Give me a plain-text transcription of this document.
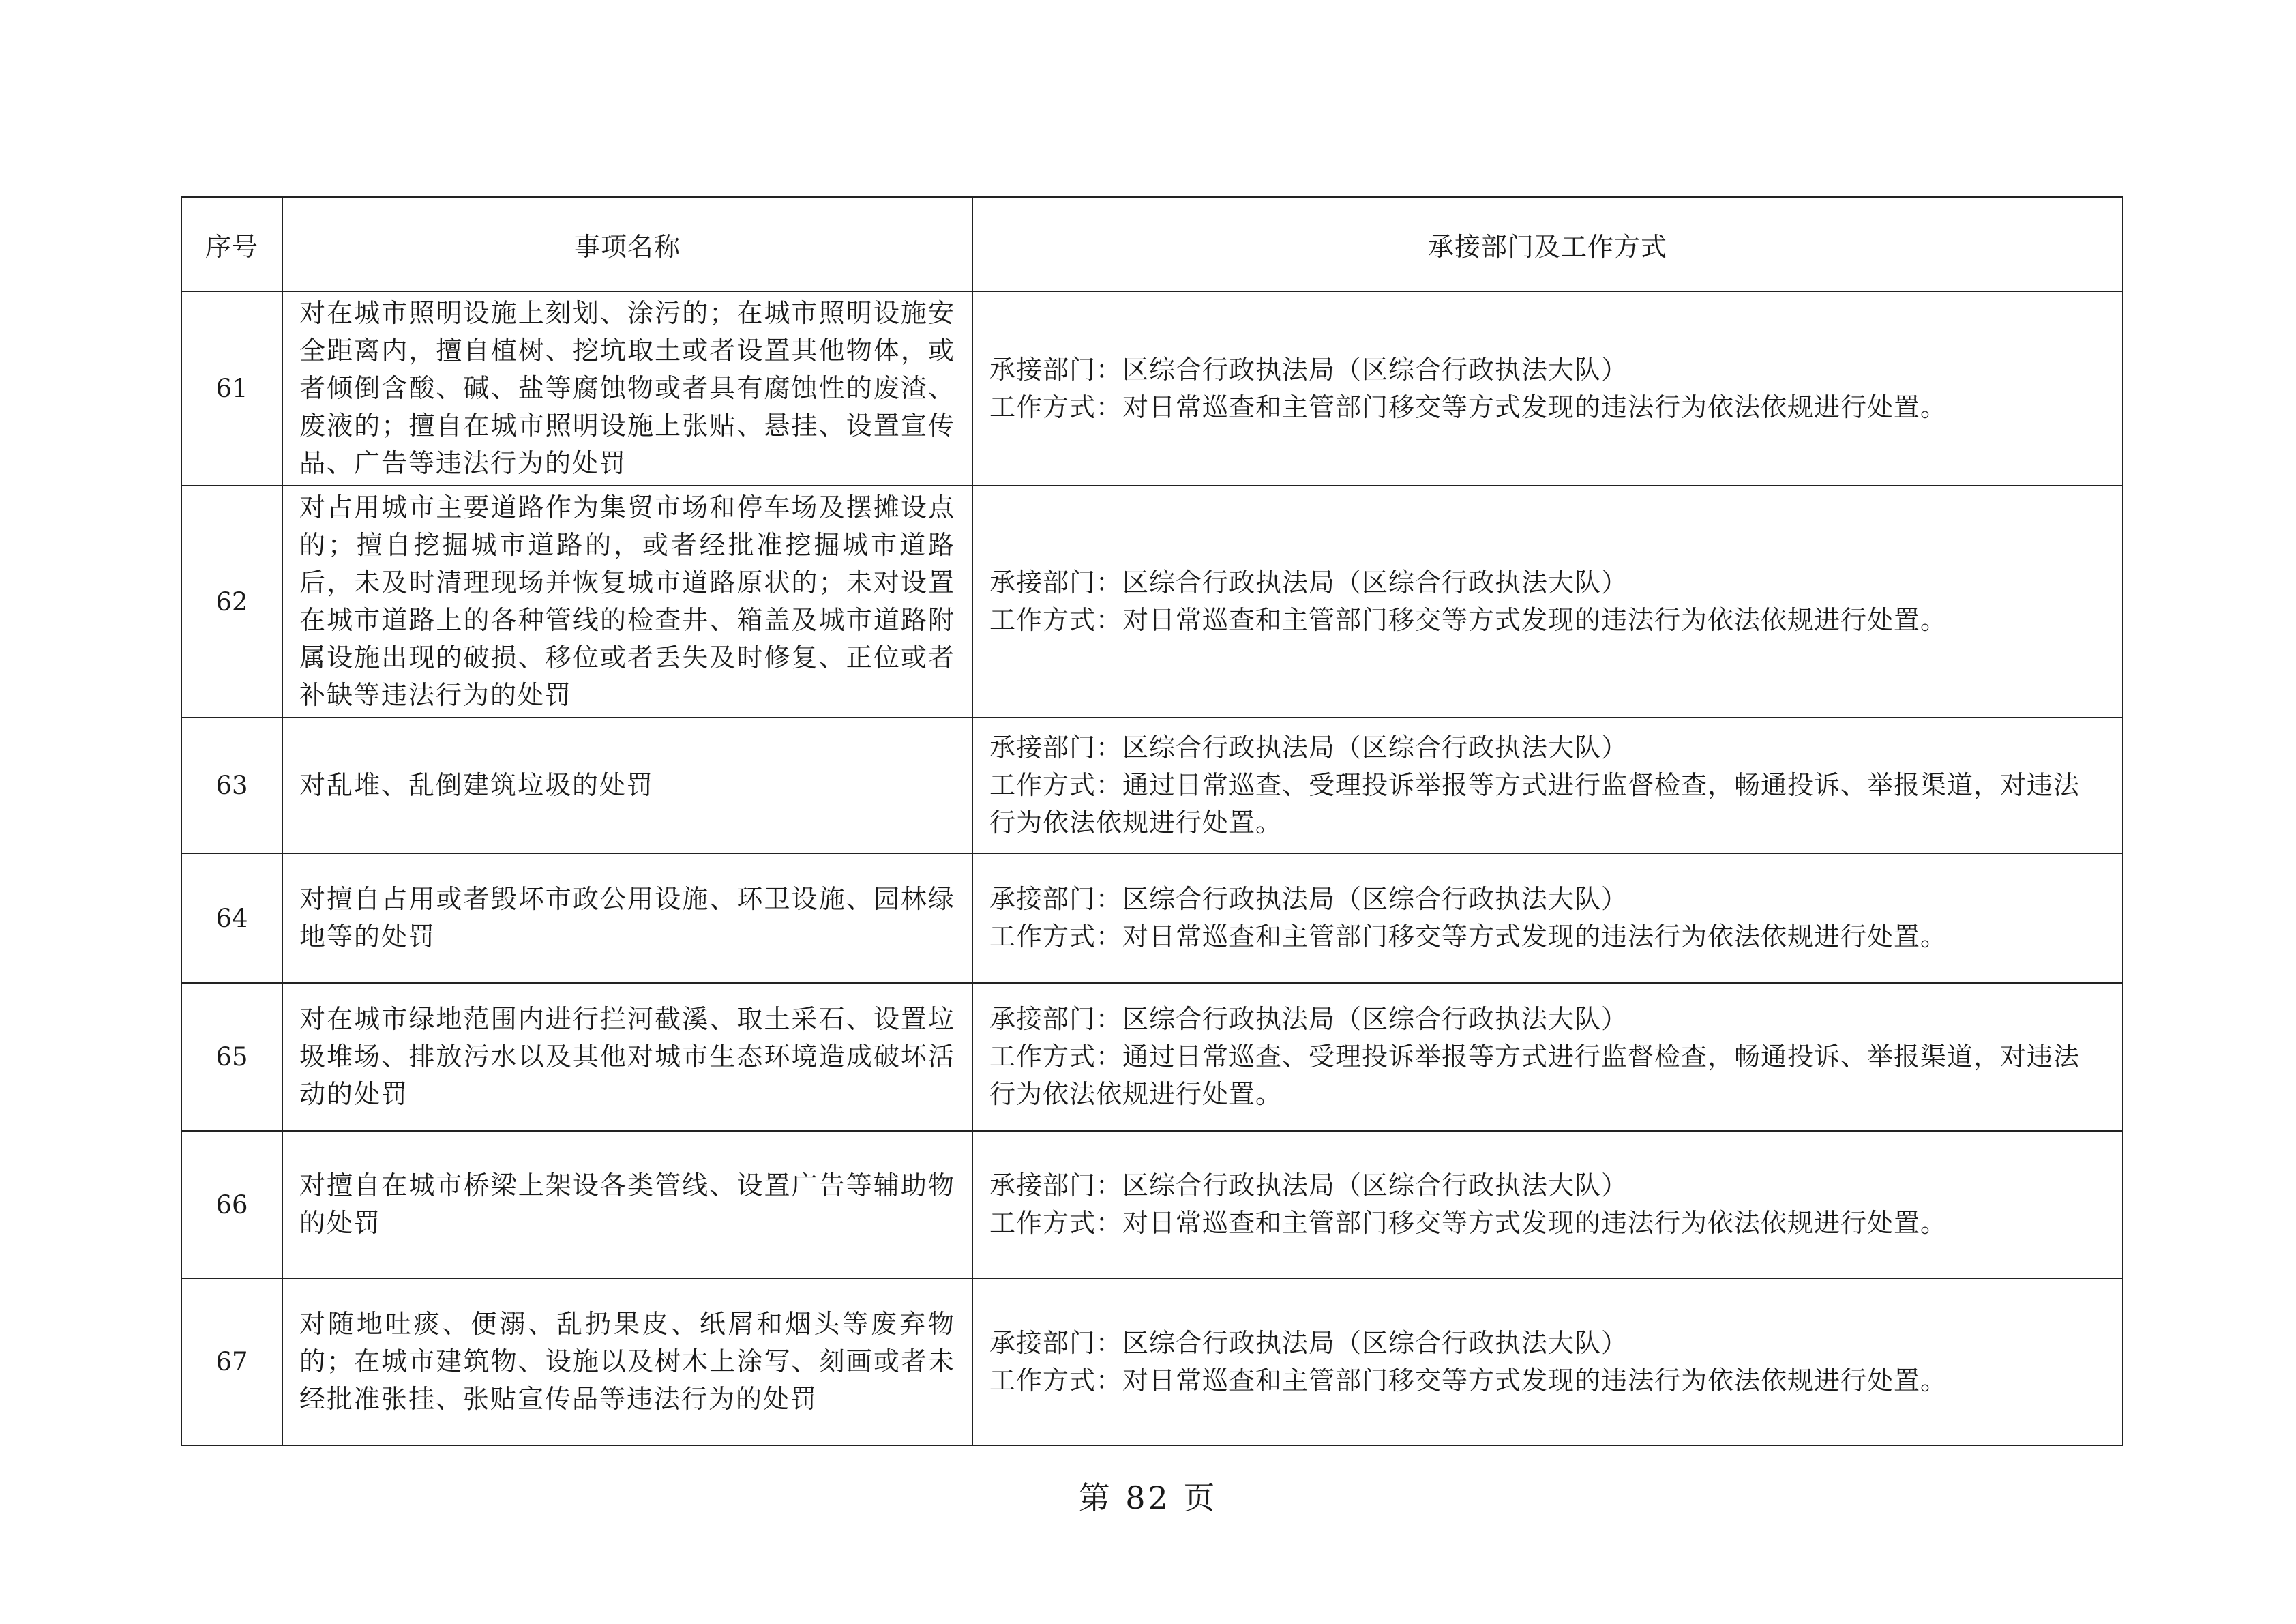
序号	事项名称	承接部门及工作方式
61	对在城市照明设施上刻划、涂污的；在城市照明设施安全距离内，擅自植树、挖坑取土或者设置其他物体，或者倾倒含酸、碱、盐等腐蚀物或者具有腐蚀性的废渣、废液的；擅自在城市照明设施上张贴、悬挂、设置宣传品、广告等违法行为的处罚	承接部门：区综合行政执法局（区综合行政执法大队）
工作方式：对日常巡查和主管部门移交等方式发现的违法行为依法依规进行处置。

62	对占用城市主要道路作为集贸市场和停车场及摆摊设点的；擅自挖掘城市道路的，或者经批准挖掘城市道路后，未及时清理现场并恢复城市道路原状的；未对设置在城市道路上的各种管线的检查井、箱盖及城市道路附属设施出现的破损、移位或者丢失及时修复、正位或者补缺等违法行为的处罚	承接部门：区综合行政执法局（区综合行政执法大队）
工作方式：对日常巡查和主管部门移交等方式发现的违法行为依法依规进行处置。

63	对乱堆、乱倒建筑垃圾的处罚	承接部门：区综合行政执法局（区综合行政执法大队）
工作方式：通过日常巡查、受理投诉举报等方式进行监督检查，畅通投诉、举报渠道，对违法行为依法依规进行处置。

64	对擅自占用或者毁坏市政公用设施、环卫设施、园林绿地等的处罚	承接部门：区综合行政执法局（区综合行政执法大队）
工作方式：对日常巡查和主管部门移交等方式发现的违法行为依法依规进行处置。

65	对在城市绿地范围内进行拦河截溪、取土采石、设置垃圾堆场、排放污水以及其他对城市生态环境造成破坏活动的处罚	承接部门：区综合行政执法局（区综合行政执法大队）
工作方式：通过日常巡查、受理投诉举报等方式进行监督检查，畅通投诉、举报渠道，对违法行为依法依规进行处置。

66	对擅自在城市桥梁上架设各类管线、设置广告等辅助物的处罚	承接部门：区综合行政执法局（区综合行政执法大队）
工作方式：对日常巡查和主管部门移交等方式发现的违法行为依法依规进行处置。

67	对随地吐痰、便溺、乱扔果皮、纸屑和烟头等废弃物的；在城市建筑物、设施以及树木上涂写、刻画或者未经批准张挂、张贴宣传品等违法行为的处罚	承接部门：区综合行政执法局（区综合行政执法大队）
工作方式：对日常巡查和主管部门移交等方式发现的违法行为依法依规进行处置。
第 82 页
